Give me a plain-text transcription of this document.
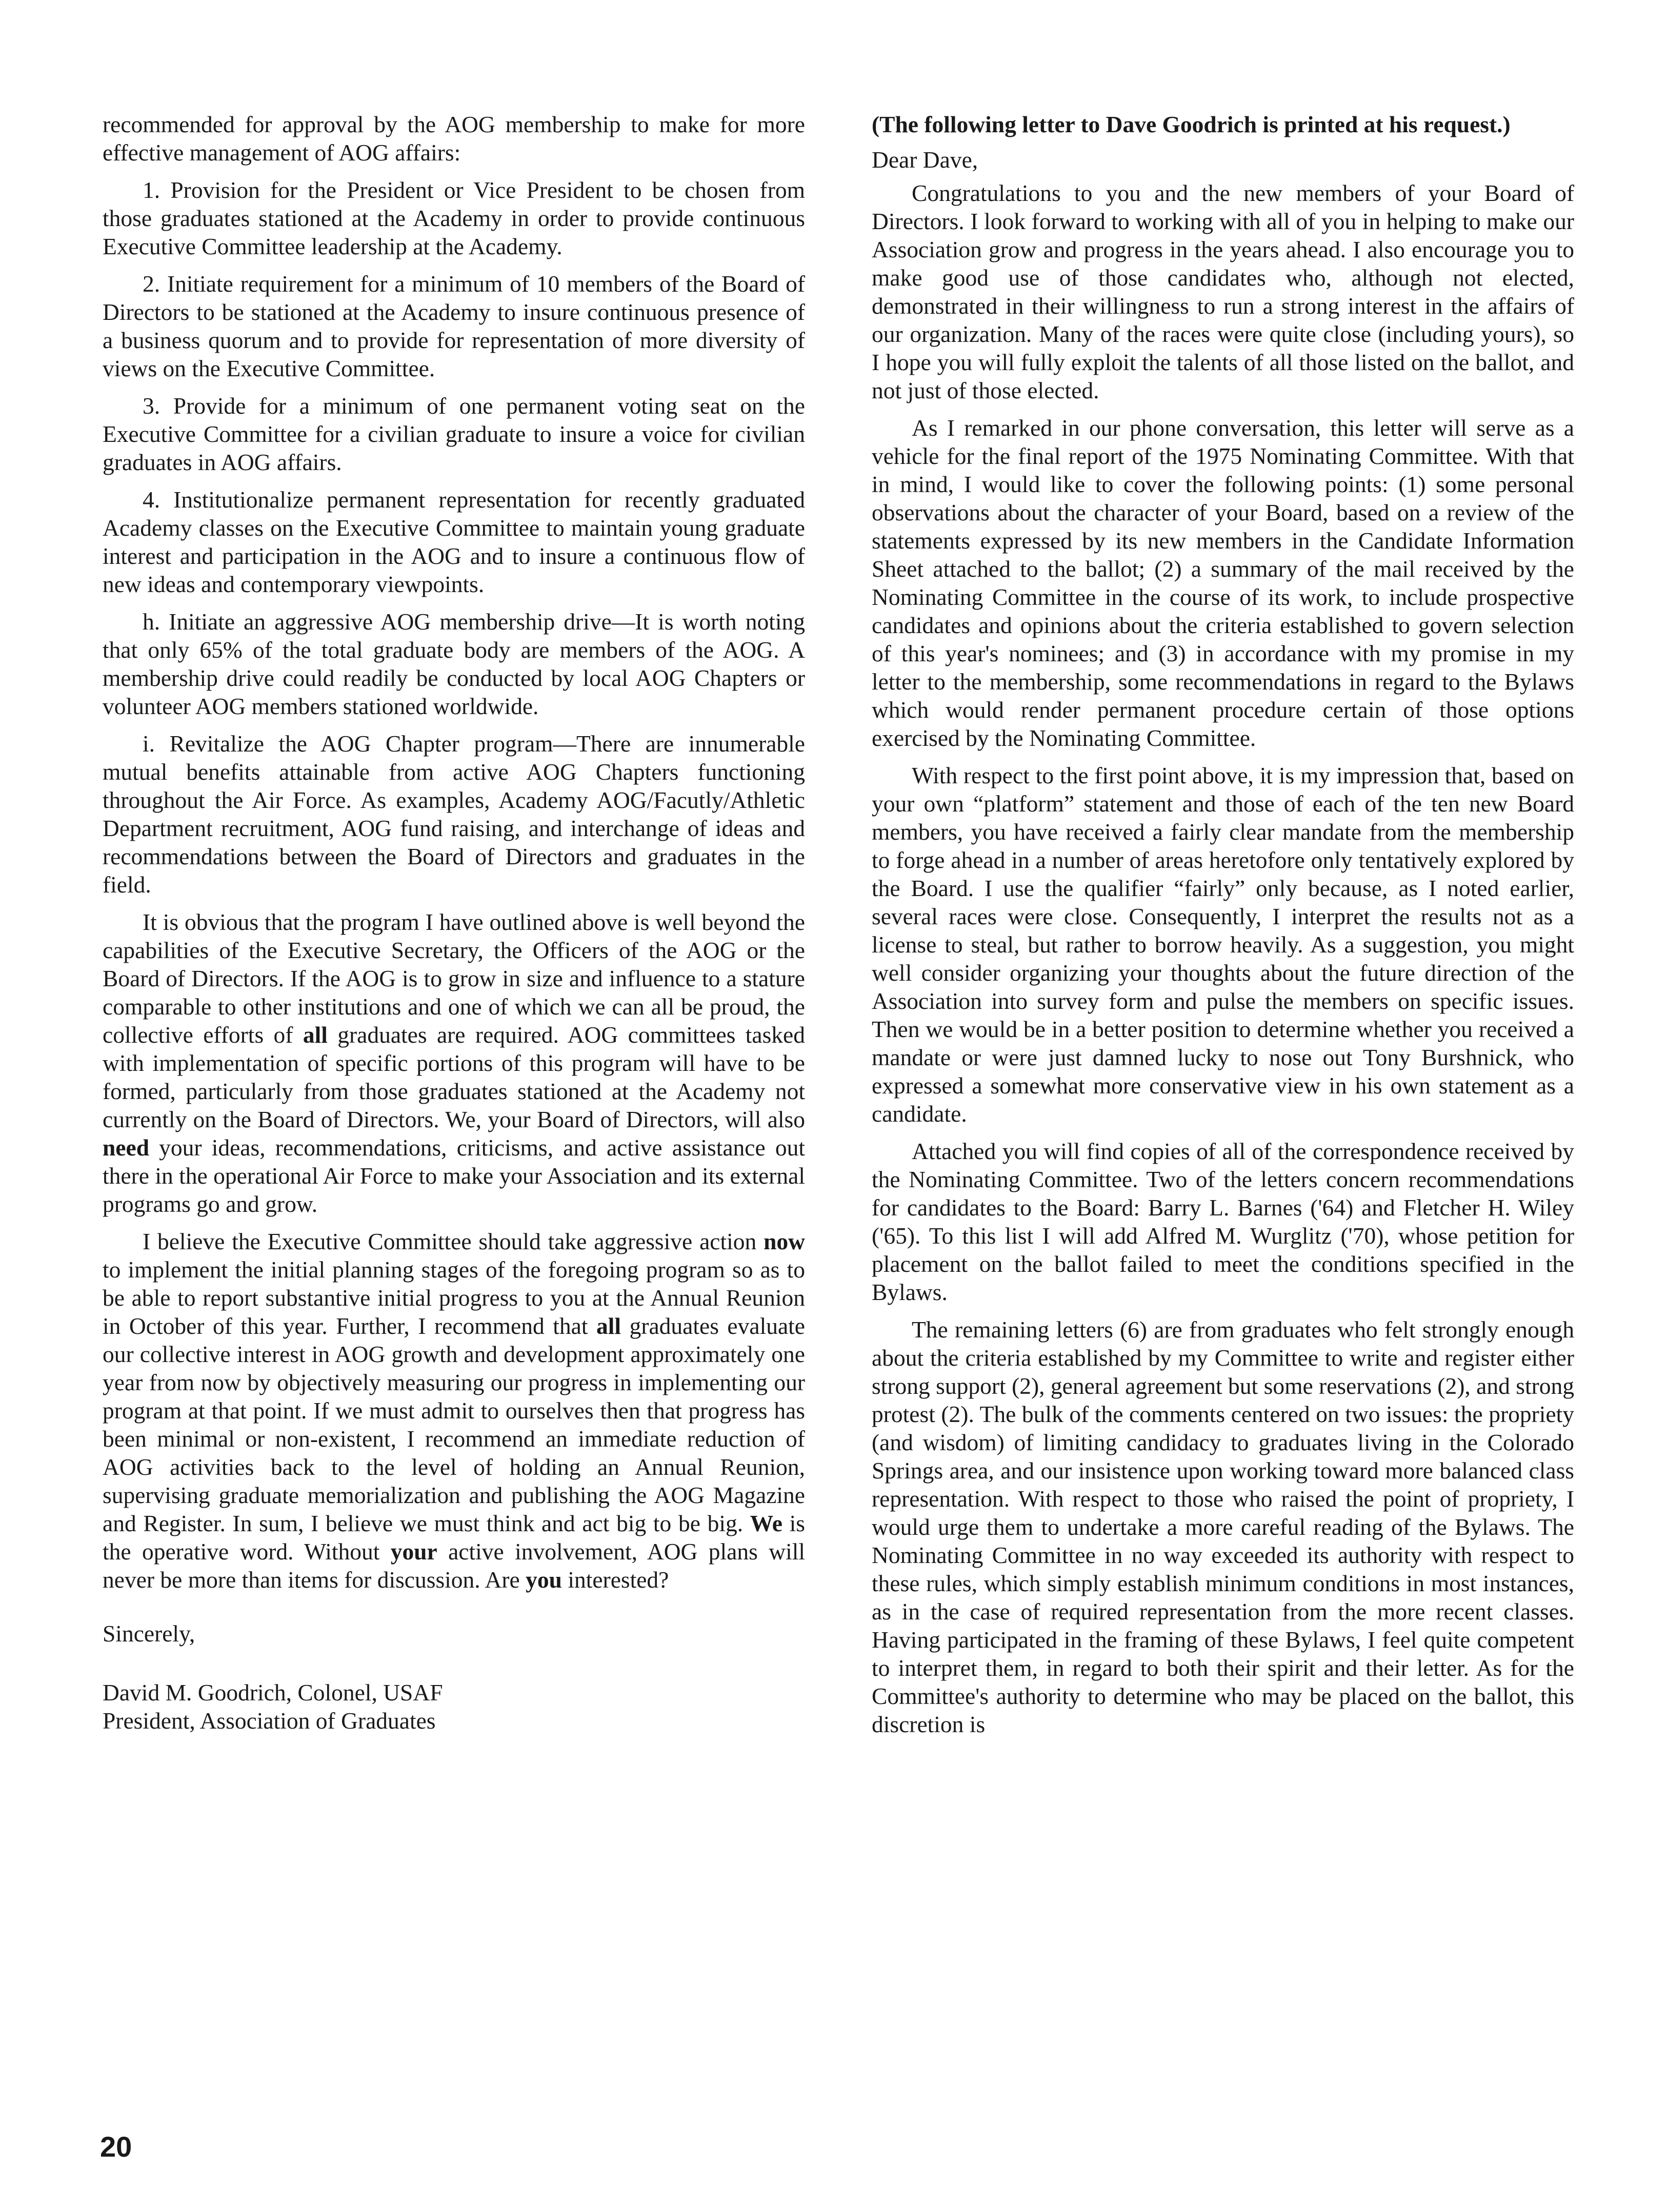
recommended for approval by the AOG membership to make for more effective management of AOG affairs:

1. Provision for the President or Vice President to be chosen from those graduates stationed at the Academy in order to provide continuous Executive Committee leadership at the Academy.

2. Initiate requirement for a minimum of 10 members of the Board of Directors to be stationed at the Academy to insure continuous presence of a business quorum and to provide for representation of more diversity of views on the Executive Committee.

3. Provide for a minimum of one permanent voting seat on the Executive Committee for a civilian graduate to insure a voice for civilian graduates in AOG affairs.

4. Institutionalize permanent representation for recently graduated Academy classes on the Executive Committee to maintain young graduate interest and participation in the AOG and to insure a continuous flow of new ideas and contemporary viewpoints.

h. Initiate an aggressive AOG membership drive—It is worth noting that only 65% of the total graduate body are members of the AOG. A membership drive could readily be conducted by local AOG Chapters or volunteer AOG members stationed worldwide.

i. Revitalize the AOG Chapter program—There are innumerable mutual benefits attainable from active AOG Chapters functioning throughout the Air Force. As examples, Academy AOG/Facutly/Athletic Department recruitment, AOG fund raising, and interchange of ideas and recommendations between the Board of Directors and graduates in the field.

It is obvious that the program I have outlined above is well beyond the capabilities of the Executive Secretary, the Officers of the AOG or the Board of Directors. If the AOG is to grow in size and influence to a stature comparable to other institutions and one of which we can all be proud, the collective efforts of all graduates are required. AOG committees tasked with implementation of specific portions of this program will have to be formed, particularly from those graduates stationed at the Academy not currently on the Board of Directors. We, your Board of Directors, will also need your ideas, recommendations, criticisms, and active assistance out there in the operational Air Force to make your Association and its external programs go and grow.

I believe the Executive Committee should take aggressive action now to implement the initial planning stages of the foregoing program so as to be able to report substantive initial progress to you at the Annual Reunion in October of this year. Further, I recommend that all graduates evaluate our collective interest in AOG growth and development approximately one year from now by objectively measuring our progress in implementing our program at that point. If we must admit to ourselves then that progress has been minimal or non-existent, I recommend an immediate reduction of AOG activities back to the level of holding an Annual Reunion, supervising graduate memorialization and publishing the AOG Magazine and Register. In sum, I believe we must think and act big to be big. We is the operative word. Without your active involvement, AOG plans will never be more than items for discussion. Are you interested?

Sincerely,

David M. Goodrich, Colonel, USAF
President, Association of Graduates

(The following letter to Dave Goodrich is printed at his request.)

Dear Dave,

Congratulations to you and the new members of your Board of Directors. I look forward to working with all of you in helping to make our Association grow and progress in the years ahead. I also encourage you to make good use of those candidates who, although not elected, demonstrated in their willingness to run a strong interest in the affairs of our organization. Many of the races were quite close (including yours), so I hope you will fully exploit the talents of all those listed on the ballot, and not just of those elected.

As I remarked in our phone conversation, this letter will serve as a vehicle for the final report of the 1975 Nominating Committee. With that in mind, I would like to cover the following points: (1) some personal observations about the character of your Board, based on a review of the statements expressed by its new members in the Candidate Information Sheet attached to the ballot; (2) a summary of the mail received by the Nominating Committee in the course of its work, to include prospective candidates and opinions about the criteria established to govern selection of this year's nominees; and (3) in accordance with my promise in my letter to the membership, some recommendations in regard to the Bylaws which would render permanent procedure certain of those options exercised by the Nominating Committee.

With respect to the first point above, it is my impression that, based on your own “platform” statement and those of each of the ten new Board members, you have received a fairly clear mandate from the membership to forge ahead in a number of areas heretofore only tentatively explored by the Board. I use the qualifier “fairly” only because, as I noted earlier, several races were close. Consequently, I interpret the results not as a license to steal, but rather to borrow heavily. As a suggestion, you might well consider organizing your thoughts about the future direction of the Association into survey form and pulse the members on specific issues. Then we would be in a better position to determine whether you received a mandate or were just damned lucky to nose out Tony Burshnick, who expressed a somewhat more conservative view in his own statement as a candidate.

Attached you will find copies of all of the correspondence received by the Nominating Committee. Two of the letters concern recommendations for candidates to the Board: Barry L. Barnes ('64) and Fletcher H. Wiley ('65). To this list I will add Alfred M. Wurglitz ('70), whose petition for placement on the ballot failed to meet the conditions specified in the Bylaws.

The remaining letters (6) are from graduates who felt strongly enough about the criteria established by my Committee to write and register either strong support (2), general agreement but some reservations (2), and strong protest (2). The bulk of the comments centered on two issues: the propriety (and wisdom) of limiting candidacy to graduates living in the Colorado Springs area, and our insistence upon working toward more balanced class representation. With respect to those who raised the point of propriety, I would urge them to undertake a more careful reading of the Bylaws. The Nominating Committee in no way exceeded its authority with respect to these rules, which simply establish minimum conditions in most instances, as in the case of required representation from the more recent classes. Having participated in the framing of these Bylaws, I feel quite competent to interpret them, in regard to both their spirit and their letter. As for the Committee's authority to determine who may be placed on the ballot, this discretion is

20
